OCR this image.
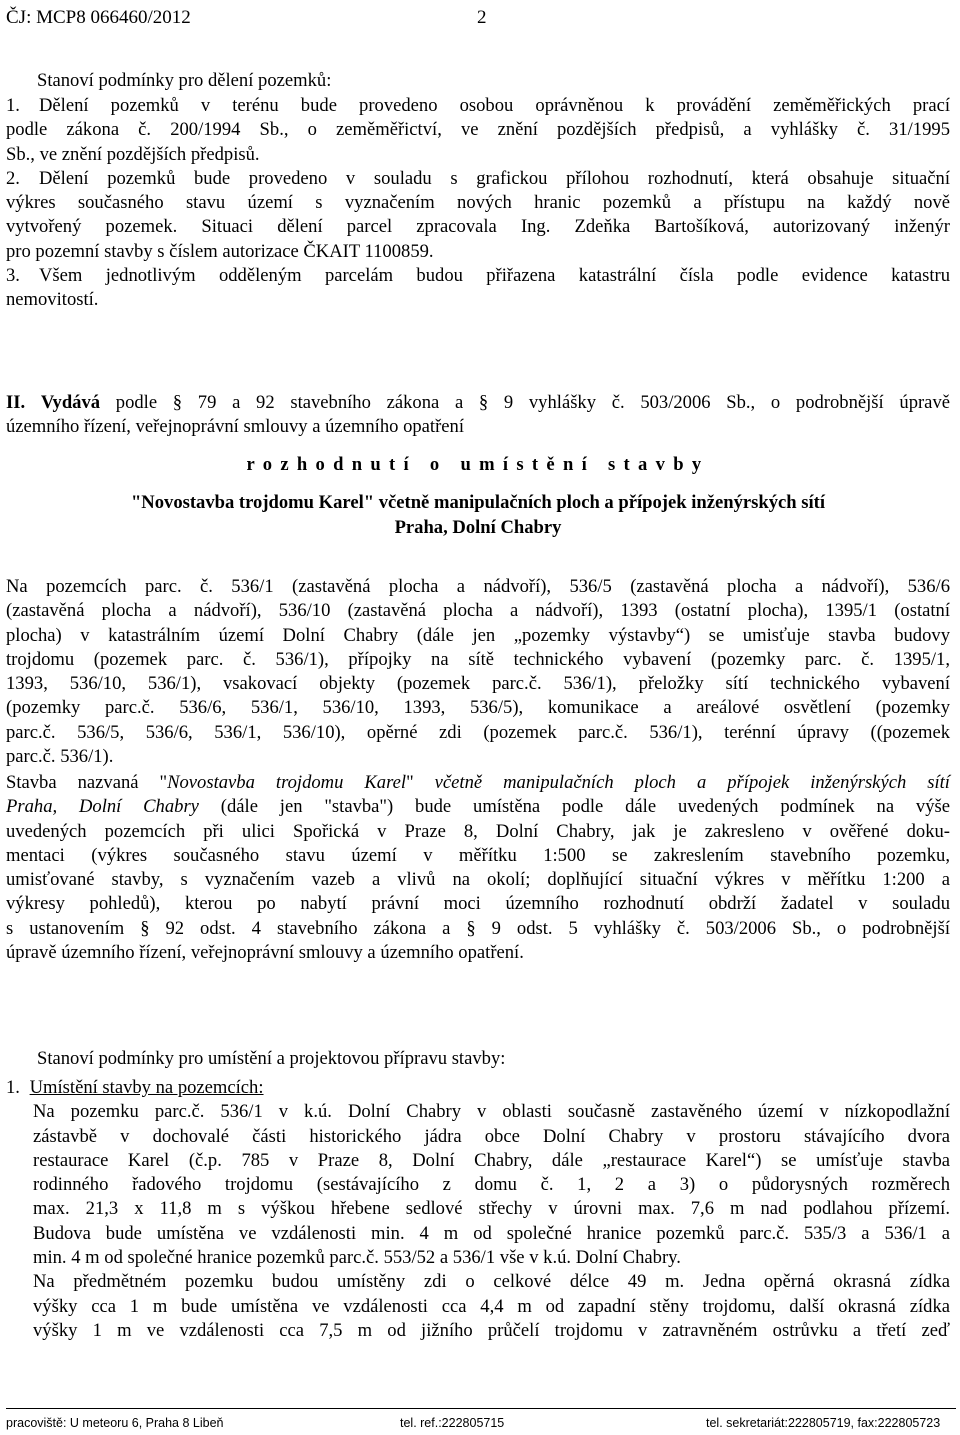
ČJ: MCP8 066460/2012	2
Stanoví podmínky pro dělení pozemků:
1.	Dělení pozemků v terénu bude provedeno osobou oprávněnou k provádění zeměměřických prací
podle zákona č. 200/1994 Sb., o zeměměřictví, ve znění pozdějších předpisů, a vyhlášky č. 31/1995
Sb., ve znění pozdějších předpisů.
2.	Dělení pozemků bude provedeno v souladu s grafickou přílohou rozhodnutí, která obsahuje situační
výkres současného stavu území s vyznačením nových hranic pozemků a přístupu na každý nově
vytvořený pozemek. Situaci dělení parcel zpracovala Ing. Zdeňka Bartošíková, autorizovaný inženýr
pro pozemní stavby s číslem autorizace ČKAIT 1100859.
3.	Všem jednotlivým odděleným parcelám budou přiřazena katastrální čísla podle evidence katastru
nemovitostí.
II. Vydává podle § 79 a 92 stavebního zákona a § 9 vyhlášky č. 503/2006 Sb., o podrobnější úpravě
územního řízení, veřejnoprávní smlouvy a územního opatření
rozhodnutí o umístění stavby
"Novostavba trojdomu Karel" včetně manipulačních ploch a přípojek inženýrských sítí
Praha, Dolní Chabry
Na pozemcích parc. č. 536/1 (zastavěná plocha a nádvoří), 536/5 (zastavěná plocha a nádvoří), 536/6
(zastavěná plocha a nádvoří), 536/10 (zastavěná plocha a nádvoří), 1393 (ostatní plocha), 1395/1 (ostatní
plocha) v katastrálním území Dolní Chabry (dále jen „pozemky výstavby“) se umisťuje stavba budovy
trojdomu (pozemek parc. č. 536/1), přípojky na sítě technického vybavení (pozemky parc. č. 1395/1,
1393, 536/10, 536/1), vsakovací objekty (pozemek parc.č. 536/1), přeložky sítí technického vybavení
(pozemky parc.č. 536/6, 536/1, 536/10, 1393, 536/5), komunikace a areálové osvětlení (pozemky
parc.č. 536/5, 536/6, 536/1, 536/10), opěrné zdi (pozemek parc.č. 536/1), terénní úpravy ((pozemek
parc.č. 536/1).
Stavba nazvaná "Novostavba trojdomu Karel" včetně manipulačních ploch a přípojek inženýrských sítí
Praha, Dolní Chabry (dále jen "stavba") bude umístěna podle dále uvedených podmínek na výše
uvedených pozemcích při ulici Spořická v Praze 8, Dolní Chabry, jak je zakresleno v ověřené doku-
mentaci (výkres současného stavu území v měřítku 1:500 se zakreslením stavebního pozemku,
umisťované stavby, s vyznačením vazeb a vlivů na okolí; doplňující situační výkres v měřítku 1:200 a
výkresy pohledů), kterou po nabytí právní moci územního rozhodnutí obdrží žadatel v souladu
s ustanovením § 92 odst. 4 stavebního zákona a § 9 odst. 5 vyhlášky č. 503/2006 Sb., o podrobnější
úpravě územního řízení, veřejnoprávní smlouvy a územního opatření.
Stanoví podmínky pro umístění a projektovou přípravu stavby:
1. Umístění stavby na pozemcích:
Na pozemku parc.č. 536/1 v k.ú. Dolní Chabry v oblasti současně zastavěného území v nízkopodlažní
zástavbě v dochovalé části historického jádra obce Dolní Chabry v prostoru stávajícího dvora
restaurace Karel (č.p. 785 v Praze 8, Dolní Chabry, dále „restaurace Karel“) se umísťuje stavba
rodinného řadového trojdomu (sestávajícího z domu č. 1, 2 a 3) o půdorysných rozměrech
max. 21,3 x 11,8 m s výškou hřebene sedlové střechy v úrovni max. 7,6 m nad podlahou přízemí.
Budova bude umístěna ve vzdálenosti min. 4 m od společné hranice pozemků parc.č. 535/3 a 536/1 a
min. 4 m od společné hranice pozemků parc.č. 553/52 a 536/1 vše v k.ú. Dolní Chabry.
Na předmětném pozemku budou umístěny zdi o celkové délce 49 m. Jedna opěrná okrasná zídka
výšky cca 1 m bude umístěna ve vzdálenosti cca 4,4 m od zapadní stěny trojdomu, další okrasná zídka
výšky 1 m ve vzdálenosti cca 7,5 m od jižního průčelí trojdomu v zatravněném ostrůvku a třetí zeď
pracoviště: U meteoru 6, Praha 8 Libeň	tel. ref.:222805715	tel. sekretariát:222805719, fax:222805723
